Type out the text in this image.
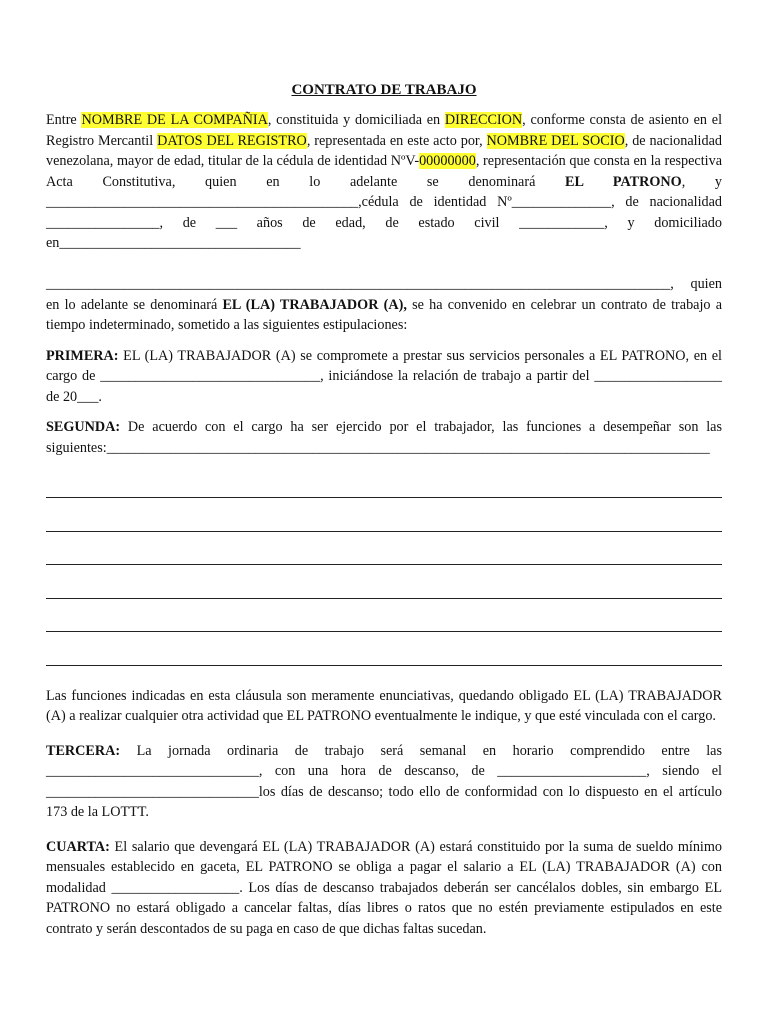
CONTRATO DE TRABAJO

Entre NOMBRE DE LA COMPAÑIA, constituida y domiciliada en DIRECCION, conforme consta de asiento en el Registro Mercantil DATOS DEL REGISTRO, representada en este acto por, NOMBRE DEL SOCIO, de nacionalidad venezolana, mayor de edad, titular de la cédula de identidad NºV-00000000, representación que consta en la respectiva Acta Constitutiva, quien en lo adelante se denominará EL PATRONO, y ____________________________________________,cédula de identidad Nº______________, de nacionalidad ________________, de ___ años de edad, de estado civil ____________, y domiciliado en__________________________________

________________________________________________________________________________________, quien en lo adelante se denominará EL (LA) TRABAJADOR (A), se ha convenido en celebrar un contrato de trabajo a tiempo indeterminado, sometido a las siguientes estipulaciones:

PRIMERA: EL (LA) TRABAJADOR (A) se compromete a prestar sus servicios personales a EL PATRONO, en el cargo de _______________________________, iniciándose la relación de trabajo a partir del __________________ de 20___.

SEGUNDA: De acuerdo con el cargo ha ser ejercido por el trabajador, las funciones a desempeñar son las siguientes:_____________________________________________________________________________________

Las funciones indicadas en esta cláusula son meramente enunciativas, quedando obligado EL (LA) TRABAJADOR (A) a realizar cualquier otra actividad que EL PATRONO eventualmente le indique, y que esté vinculada con el cargo.

TERCERA: La jornada ordinaria de trabajo será semanal en horario comprendido entre las ______________________________, con una hora de descanso, de _____________________, siendo el ______________________________los días de descanso; todo ello de conformidad con lo dispuesto en el artículo 173 de la LOTTT.

CUARTA: El salario que devengará EL (LA) TRABAJADOR (A) estará constituido por la suma de sueldo mínimo mensuales establecido en gaceta, EL PATRONO se obliga a pagar el salario a EL (LA) TRABAJADOR (A) con modalidad __________________. Los días de descanso trabajados deberán ser cancélalos dobles, sin embargo EL PATRONO no estará obligado a cancelar faltas, días libres o ratos que no estén previamente estipulados en este contrato y serán descontados de su paga en caso de que dichas faltas sucedan.
